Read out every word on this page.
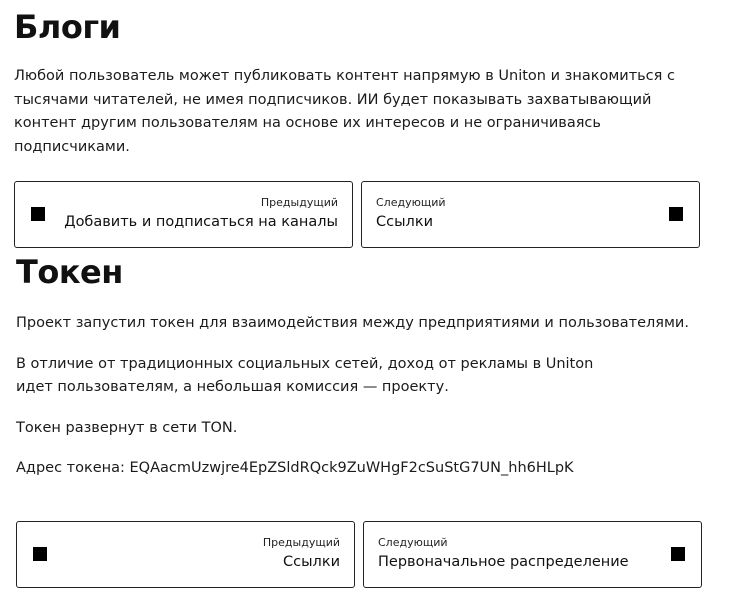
Блоги

Любой пользователь может публиковать контент напрямую в Uniton и знакомиться с тысячами читателей, не имея подписчиков. ИИ будет показывать захватывающий контент другим пользователям на основе их интересов и не ограничиваясь подписчиками.

Предыдущий
Добавить и подписаться на каналы
Следующий
Ссылки
Токен

Проект запустил токен для взаимодействия между предприятиями и пользователями.

В отличие от традиционных социальных сетей, доход от рекламы в Uniton идет пользователям, а небольшая комиссия — проекту.

Токен развернут в сети TON.

Адрес токена: EQAacmUzwjre4EpZSldRQck9ZuWHgF2cSuStG7UN_hh6HLpK

Предыдущий
Ссылки
Следующий
Первоначальное распределение
